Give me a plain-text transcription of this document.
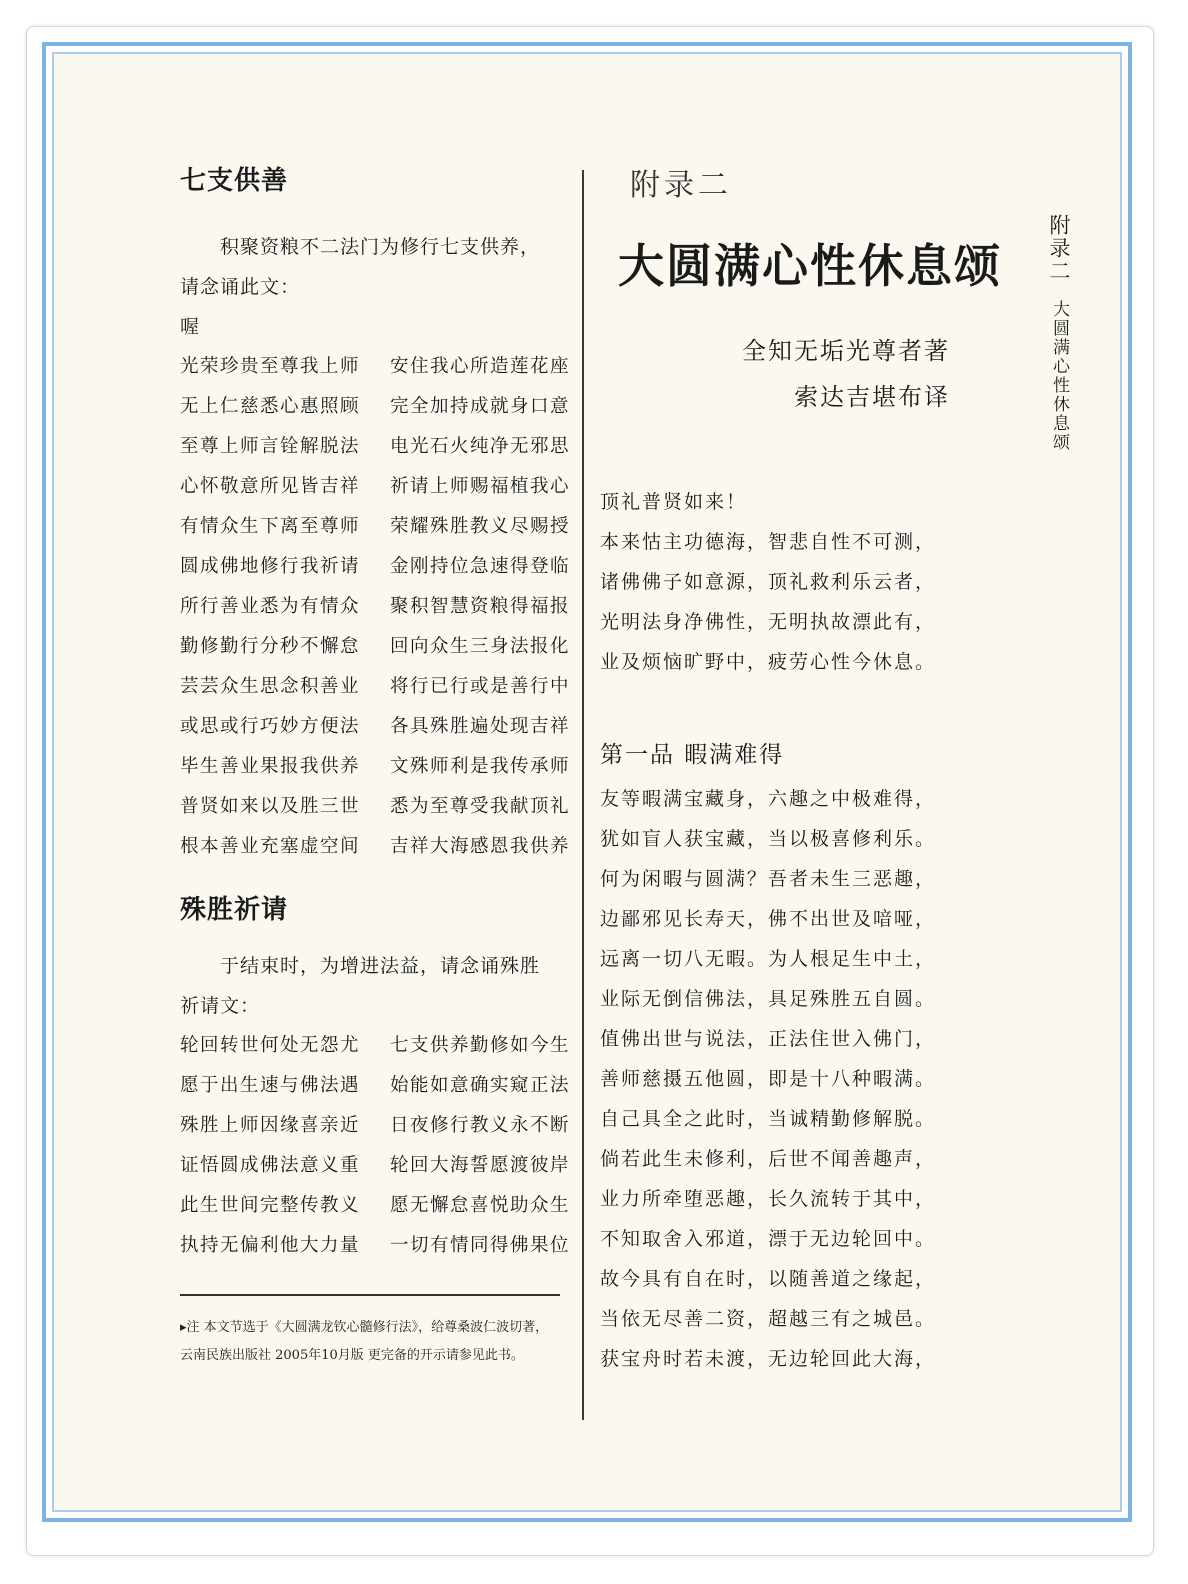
七支供善
积聚资粮不二法门为修行七支供养，
请念诵此文：
喔
光荣珍贵至尊我上师 安住我心所造莲花座
无上仁慈悉心惠照顾 完全加持成就身口意
至尊上师言铨解脱法 电光石火纯净无邪思
心怀敬意所见皆吉祥 祈请上师赐福植我心
有情众生下离至尊师 荣耀殊胜教义尽赐授
圆成佛地修行我祈请 金刚持位急速得登临
所行善业悉为有情众 聚积智慧资粮得福报
勤修勤行分秒不懈怠 回向众生三身法报化
芸芸众生思念积善业 将行已行或是善行中
或思或行巧妙方便法 各具殊胜遍处现吉祥
毕生善业果报我供养 文殊师利是我传承师
普贤如来以及胜三世 悉为至尊受我献顶礼
根本善业充塞虚空间 吉祥大海感恩我供养
殊胜祈请
于结束时，为增进法益，请念诵殊胜
祈请文：
轮回转世何处无怨尤 七支供养勤修如今生
愿于出生速与佛法遇 始能如意确实窥正法
殊胜上师因缘喜亲近 日夜修行教义永不断
证悟圆成佛法意义重 轮回大海誓愿渡彼岸
此生世间完整传教义 愿无懈怠喜悦助众生
执持无偏利他大力量 一切有情同得佛果位
▸注 本文节选于《大圆满龙钦心髓修行法》，给尊桑波仁波切著，
云南民族出版社 2005年10月版 更完备的开示请参见此书。
附录二
大圆满心性休息颂
全知无垢光尊者著
索达吉堪布译
顶礼普贤如来！
本来怙主功德海，智悲自性不可测，
诸佛佛子如意源，顶礼救利乐云者，
光明法身净佛性，无明执故漂此有，
业及烦恼旷野中，疲劳心性今休息。
第一品 暇满难得
友等暇满宝藏身，六趣之中极难得，
犹如盲人获宝藏，当以极喜修利乐。
何为闲暇与圆满？吾者未生三恶趣，
边鄙邪见长寿天，佛不出世及喑哑，
远离一切八无暇。为人根足生中土，
业际无倒信佛法，具足殊胜五自圆。
值佛出世与说法，正法住世入佛门，
善师慈摄五他圆，即是十八种暇满。
自己具全之此时，当诚精勤修解脱。
倘若此生未修利，后世不闻善趣声，
业力所牵堕恶趣，长久流转于其中，
不知取舍入邪道，漂于无边轮回中。
故今具有自在时，以随善道之缘起，
当依无尽善二资，超越三有之城邑。
获宝舟时若未渡，无边轮回此大海，
附录二 大圆满心性休息颂
